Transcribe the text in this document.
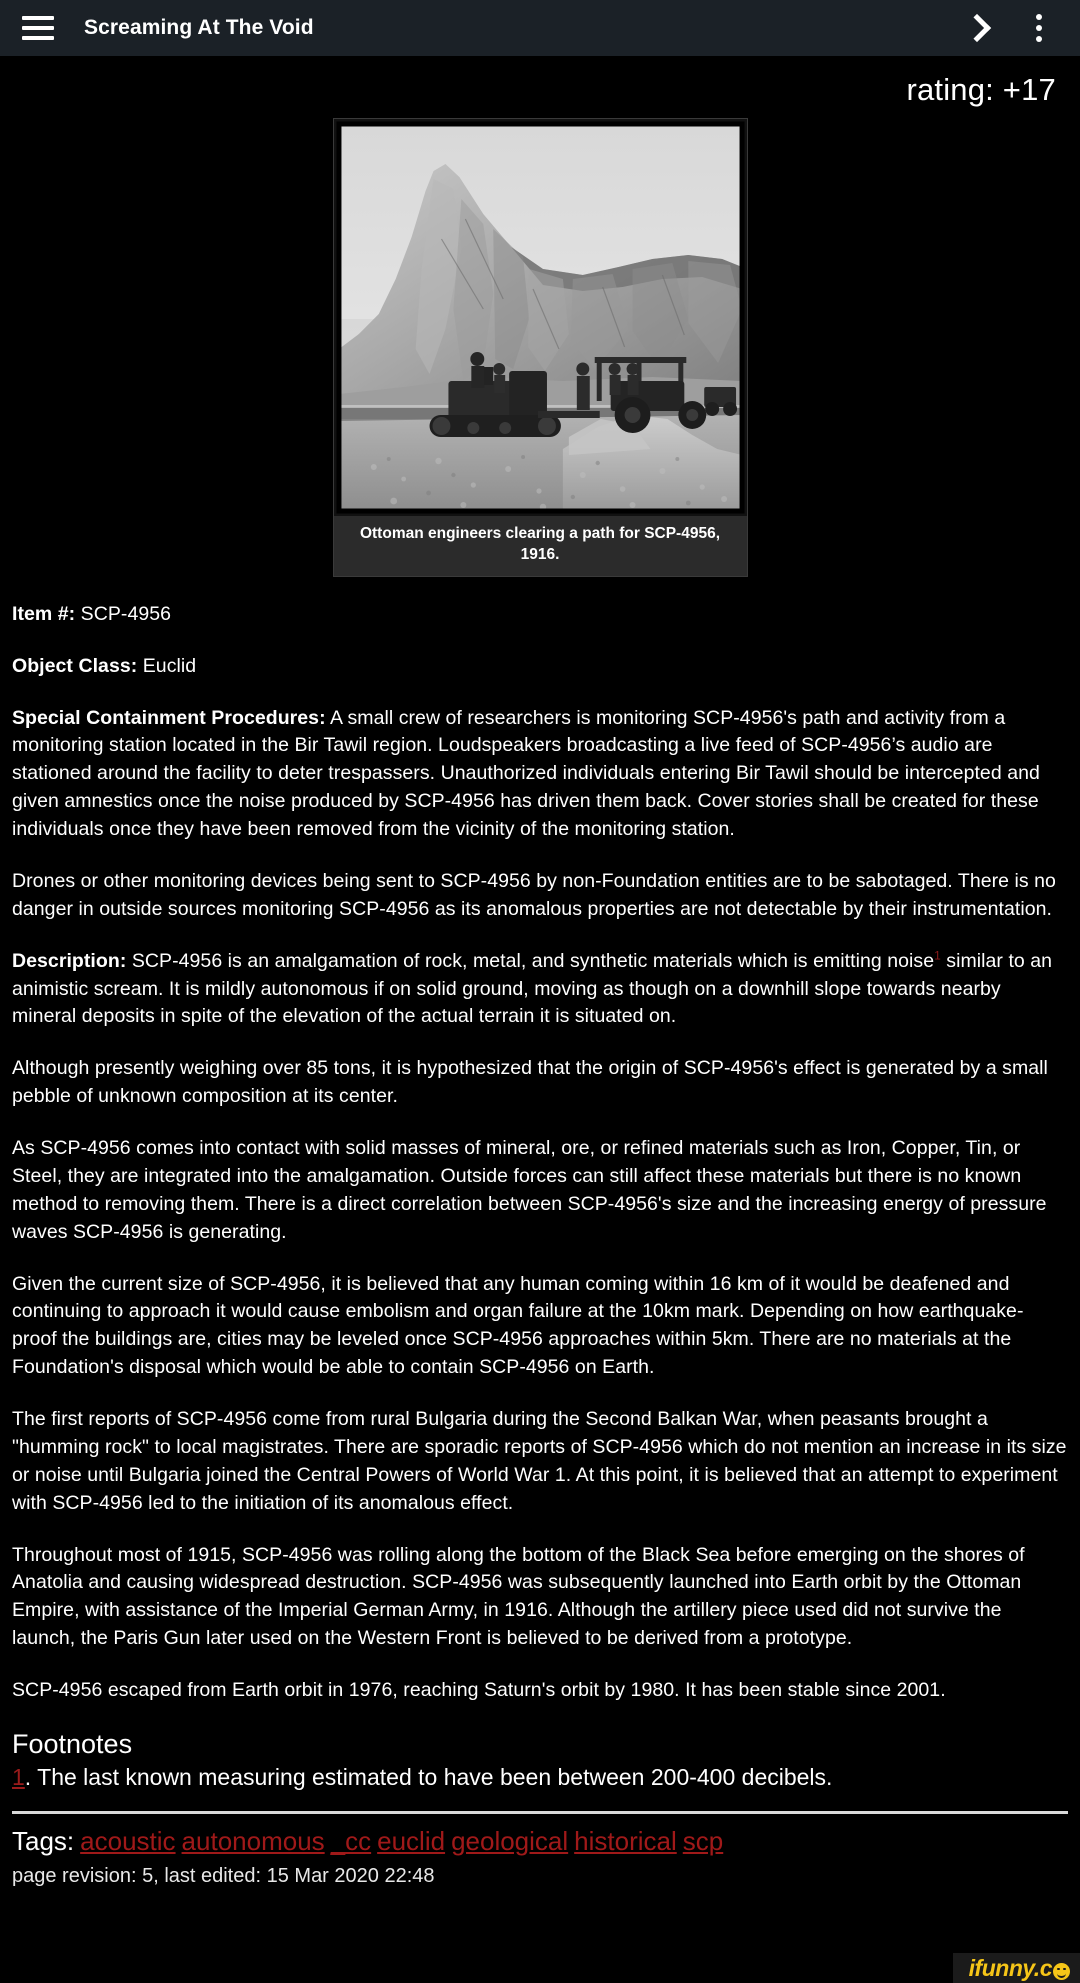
Screaming At The Void
rating: +17
Ottoman engineers clearing a path for SCP-4956, 1916.

Item #: SCP-4956

Object Class: Euclid

Special Containment Procedures: A small crew of researchers is monitoring SCP-4956's path and activity from a monitoring station located in the Bir Tawil region. Loudspeakers broadcasting a live feed of SCP-4956’s audio are stationed around the facility to deter trespassers. Unauthorized individuals entering Bir Tawil should be intercepted and given amnestics once the noise produced by SCP-4956 has driven them back. Cover stories shall be created for these individuals once they have been removed from the vicinity of the monitoring station.

Drones or other monitoring devices being sent to SCP-4956 by non-Foundation entities are to be sabotaged. There is no danger in outside sources monitoring SCP-4956 as its anomalous properties are not detectable by their instrumentation.

Description: SCP-4956 is an amalgamation of rock, metal, and synthetic materials which is emitting noise$^1$ similar to an animistic scream. It is mildly autonomous if on solid ground, moving as though on a downhill slope towards nearby mineral deposits in spite of the elevation of the actual terrain it is situated on.

Although presently weighing over 85 tons, it is hypothesized that the origin of SCP-4956's effect is generated by a small pebble of unknown composition at its center.

As SCP-4956 comes into contact with solid masses of mineral, ore, or refined materials such as Iron, Copper, Tin, or Steel, they are integrated into the amalgamation. Outside forces can still affect these materials but there is no known method to removing them. There is a direct correlation between SCP-4956's size and the increasing energy of pressure waves SCP-4956 is generating.

Given the current size of SCP-4956, it is believed that any human coming within 16 km of it would be deafened and continuing to approach it would cause embolism and organ failure at the 10km mark. Depending on how earthquake-proof the buildings are, cities may be leveled once SCP-4956 approaches within 5km. There are no materials at the Foundation's disposal which would be able to contain SCP-4956 on Earth.

The first reports of SCP-4956 come from rural Bulgaria during the Second Balkan War, when peasants brought a "humming rock" to local magistrates. There are sporadic reports of SCP-4956 which do not mention an increase in its size or noise until Bulgaria joined the Central Powers of World War 1. At this point, it is believed that an attempt to experiment with SCP-4956 led to the initiation of its anomalous effect.

Throughout most of 1915, SCP-4956 was rolling along the bottom of the Black Sea before emerging on the shores of Anatolia and causing widespread destruction. SCP-4956 was subsequently launched into Earth orbit by the Ottoman Empire, with assistance of the Imperial German Army, in 1916. Although the artillery piece used did not survive the launch, the Paris Gun later used on the Western Front is believed to be derived from a prototype.

SCP-4956 escaped from Earth orbit in 1976, reaching Saturn's orbit by 1980. It has been stable since 2001.

Footnotes
1. The last known measuring estimated to have been between 200-400 decibels.
Tags: acoustic autonomous _cc euclid geological historical scp
page revision: 5, last edited: 15 Mar 2020 22:48
ifunny.c
